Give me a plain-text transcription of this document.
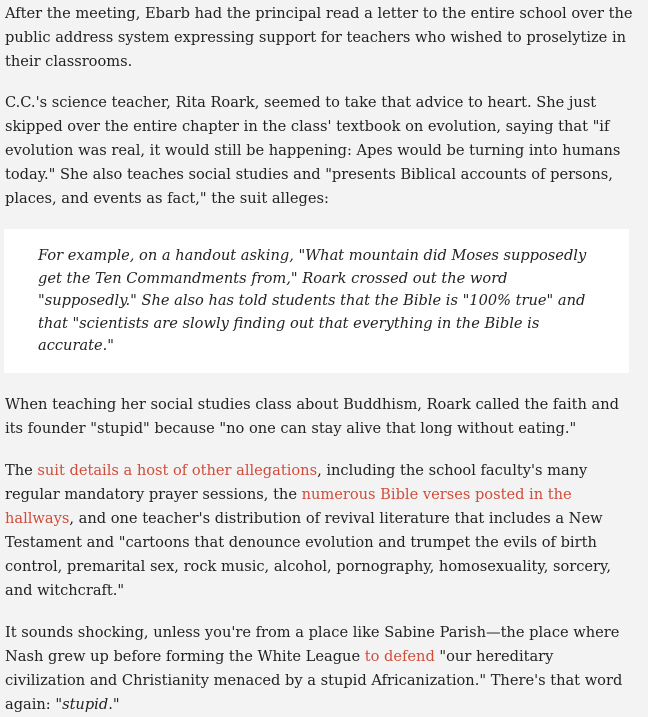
After the meeting, Ebarb had the principal read a letter to the entire school over the public address system expressing support for teachers who wished to proselytize in their classrooms.

C.C.'s science teacher, Rita Roark, seemed to take that advice to heart. She just skipped over the entire chapter in the class' textbook on evolution, saying that "if evolution was real, it would still be happening: Apes would be turning into humans today." She also teaches social studies and "presents Biblical accounts of persons, places, and events as fact," the suit alleges:

For example, on a handout asking, "What mountain did Moses supposedly get the Ten Commandments from," Roark crossed out the word "supposedly." She also has told students that the Bible is "100% true" and that "scientists are slowly finding out that everything in the Bible is accurate."

When teaching her social studies class about Buddhism, Roark called the faith and its founder "stupid" because "no one can stay alive that long without eating."

The suit details a host of other allegations, including the school faculty's many regular mandatory prayer sessions, the numerous Bible verses posted in the hallways, and one teacher's distribution of revival literature that includes a New Testament and "cartoons that denounce evolution and trumpet the evils of birth control, premarital sex, rock music, alcohol, pornography, homosexuality, sorcery, and witchcraft."

It sounds shocking, unless you're from a place like Sabine Parish—the place where Nash grew up before forming the White League to defend "our hereditary civilization and Christianity menaced by a stupid Africanization." There's that word again: "stupid."
